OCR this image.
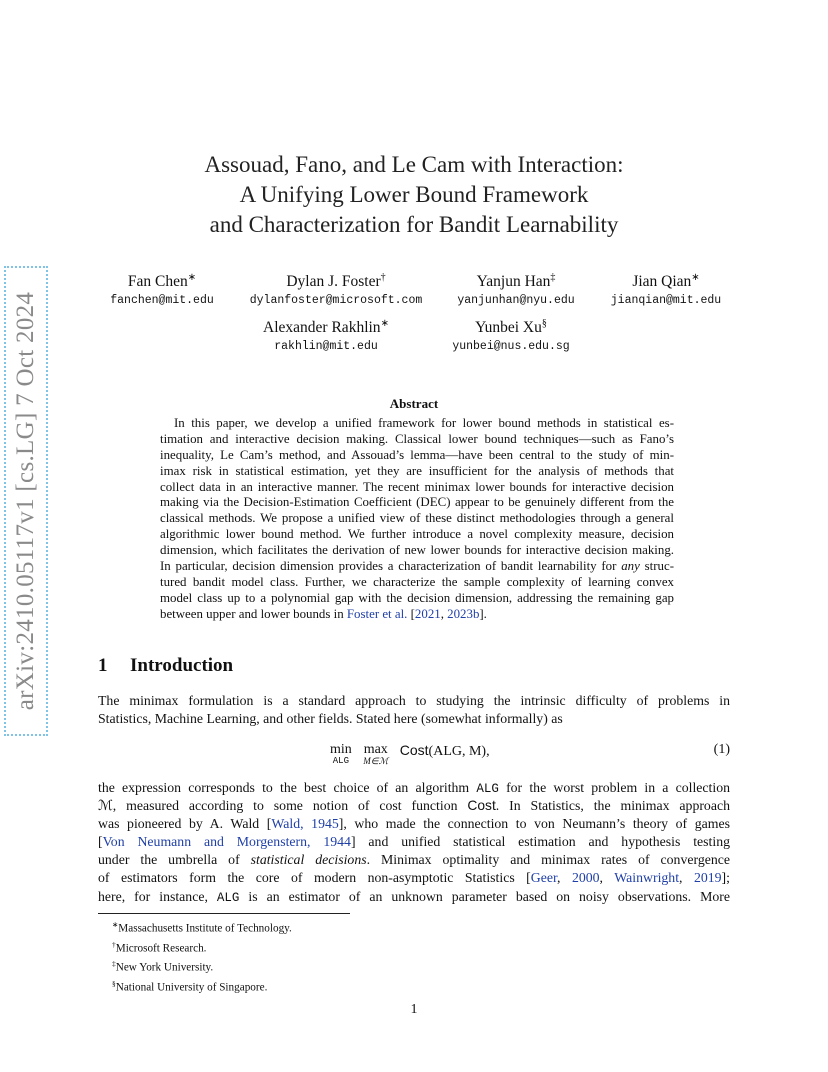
arXiv:2410.05117v1 [cs.LG] 7 Oct 2024
Assouad, Fano, and Le Cam with Interaction:
A Unifying Lower Bound Framework
and Characterization for Bandit Learnability
Fan Chen∗
fanchen@mit.edu
Dylan J. Foster†
dylanfoster@microsoft.com
Yanjun Han‡
yanjunhan@nyu.edu
Jian Qian∗
jianqian@mit.edu
Alexander Rakhlin∗
rakhlin@mit.edu
Yunbei Xu§
yunbei@nus.edu.sg
Abstract
In this paper, we develop a unified framework for lower bound methods in statistical es-
timation and interactive decision making. Classical lower bound techniques—such as Fano’s
inequality, Le Cam’s method, and Assouad’s lemma—have been central to the study of min-
imax risk in statistical estimation, yet they are insufficient for the analysis of methods that
collect data in an interactive manner. The recent minimax lower bounds for interactive decision
making via the Decision-Estimation Coefficient (DEC) appear to be genuinely different from the
classical methods. We propose a unified view of these distinct methodologies through a general
algorithmic lower bound method. We further introduce a novel complexity measure, decision
dimension, which facilitates the derivation of new lower bounds for interactive decision making.
In particular, decision dimension provides a characterization of bandit learnability for any struc-
tured bandit model class. Further, we characterize the sample complexity of learning convex
model class up to a polynomial gap with the decision dimension, addressing the remaining gap
between upper and lower bounds in Foster et al. [2021, 2023b].
1 Introduction
The minimax formulation is a standard approach to studying the intrinsic difficulty of problems in
Statistics, Machine Learning, and other fields. Stated here (somewhat informally) as
min
ALG
max
M∈ℳ
Cost(ALG, M),	(1)
the expression corresponds to the best choice of an algorithm ALG for the worst problem in a collection
ℳ, measured according to some notion of cost function Cost. In Statistics, the minimax approach
was pioneered by A. Wald [Wald, 1945], who made the connection to von Neumann’s theory of games
[Von Neumann and Morgenstern, 1944] and unified statistical estimation and hypothesis testing
under the umbrella of statistical decisions. Minimax optimality and minimax rates of convergence
of estimators form the core of modern non-asymptotic Statistics [Geer, 2000, Wainwright, 2019];
here, for instance, ALG is an estimator of an unknown parameter based on noisy observations. More
∗Massachusetts Institute of Technology.
†Microsoft Research.
‡New York University.
§National University of Singapore.
1
